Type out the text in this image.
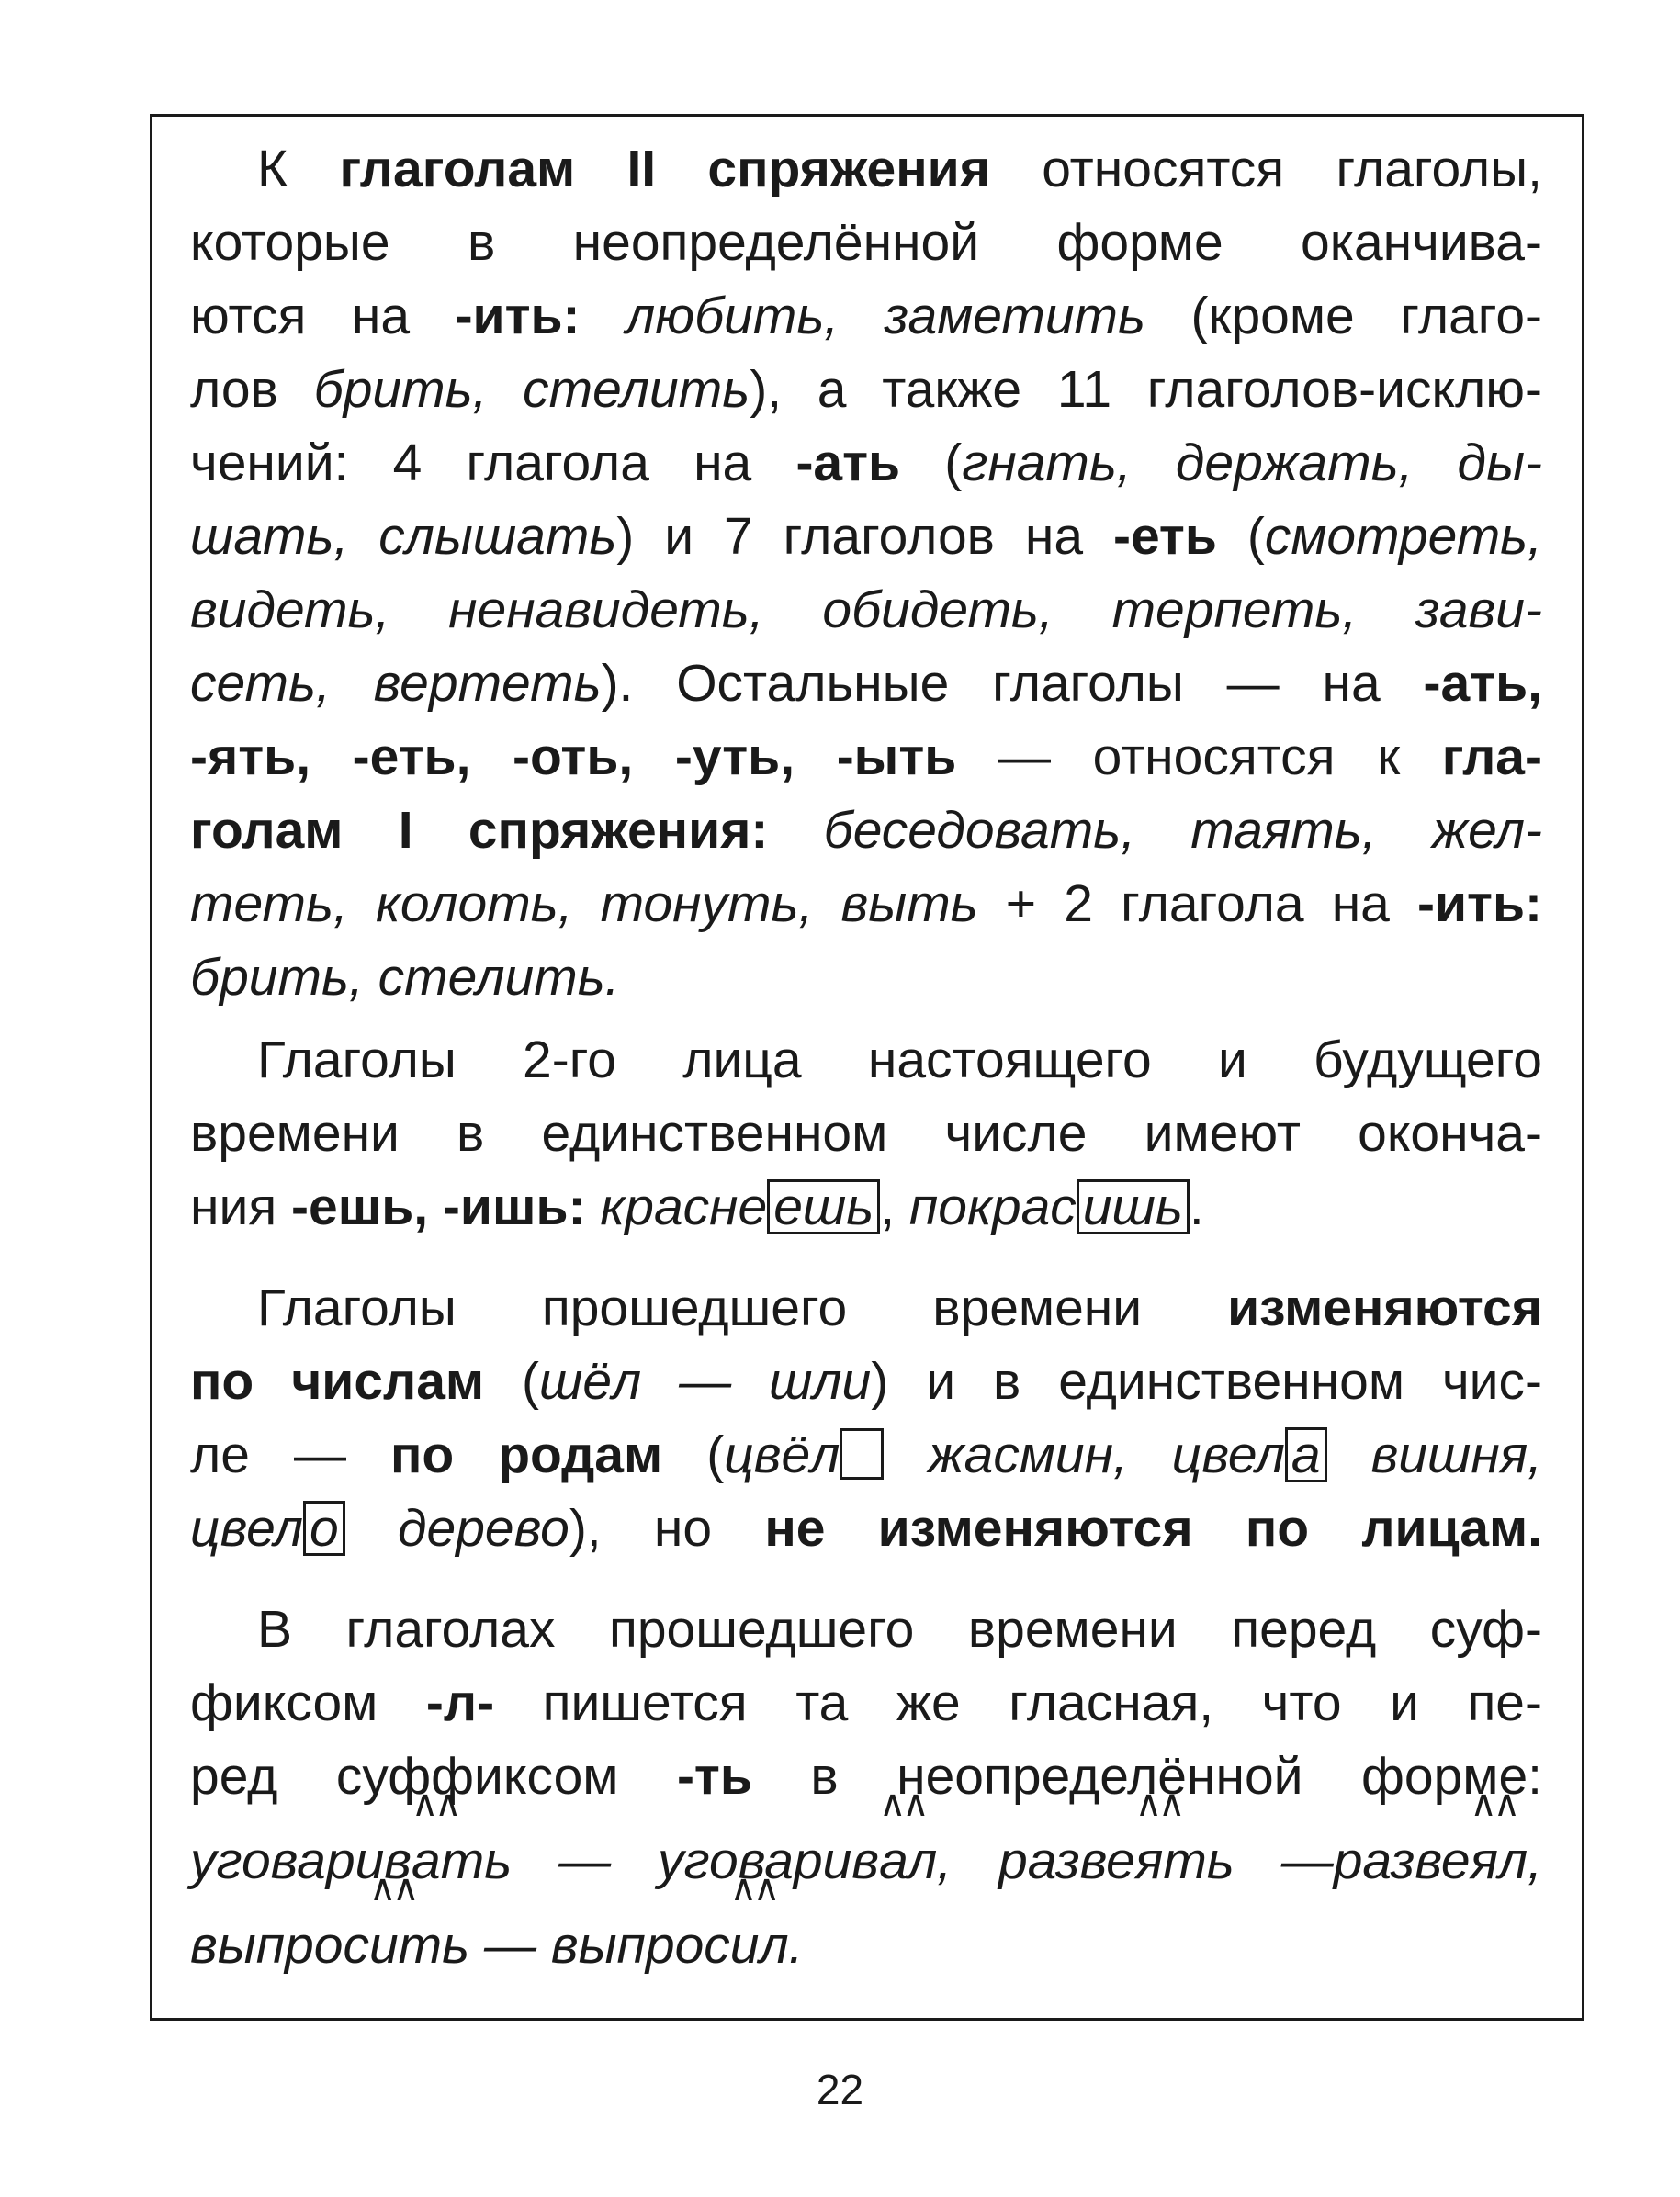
К глаголам II спряжения относятся глаголы,
которые в неопределённой форме оканчива-
ются на -ить: любить, заметить (кроме глаго-
лов брить, стелить), а также 11 глаголов-исклю-
чений: 4 глагола на -ать (гнать, держать, ды-
шать, слышать) и 7 глаголов на -еть (смотреть,
видеть, ненавидеть, обидеть, терпеть, зави-
сеть, вертеть). Остальные глаголы — на -ать,
-ять, -еть, -оть, -уть, -ыть — относятся к гла-
голам I спряжения: беседовать, таять, жел-
теть, колоть, тонуть, выть + 2 глагола на -ить:
брить, стелить.
Глаголы 2-го лица настоящего и будущего
времени в единственном числе имеют оконча-
ния -ешь, -ишь: красне ешь , покрас ишь .
Глаголы прошедшего времени изменяются
по числам (шёл — шли) и в единственном чис-
ле — по родам (цвёл жасмин, цвел а вишня,
цвел о дерево), но не изменяются по лицам.
В глаголах прошедшего времени перед суф-
фиксом -л- пишется та же гласная, что и пе-
ред суффиксом -ть в неопределённой форме:
уговарив∧∧ ать — уговарив∧∧ ал, разве∧∧ ять —разве∧∧ ял,
выпрос∧∧ ить — выпрос∧∧ ил.
22
